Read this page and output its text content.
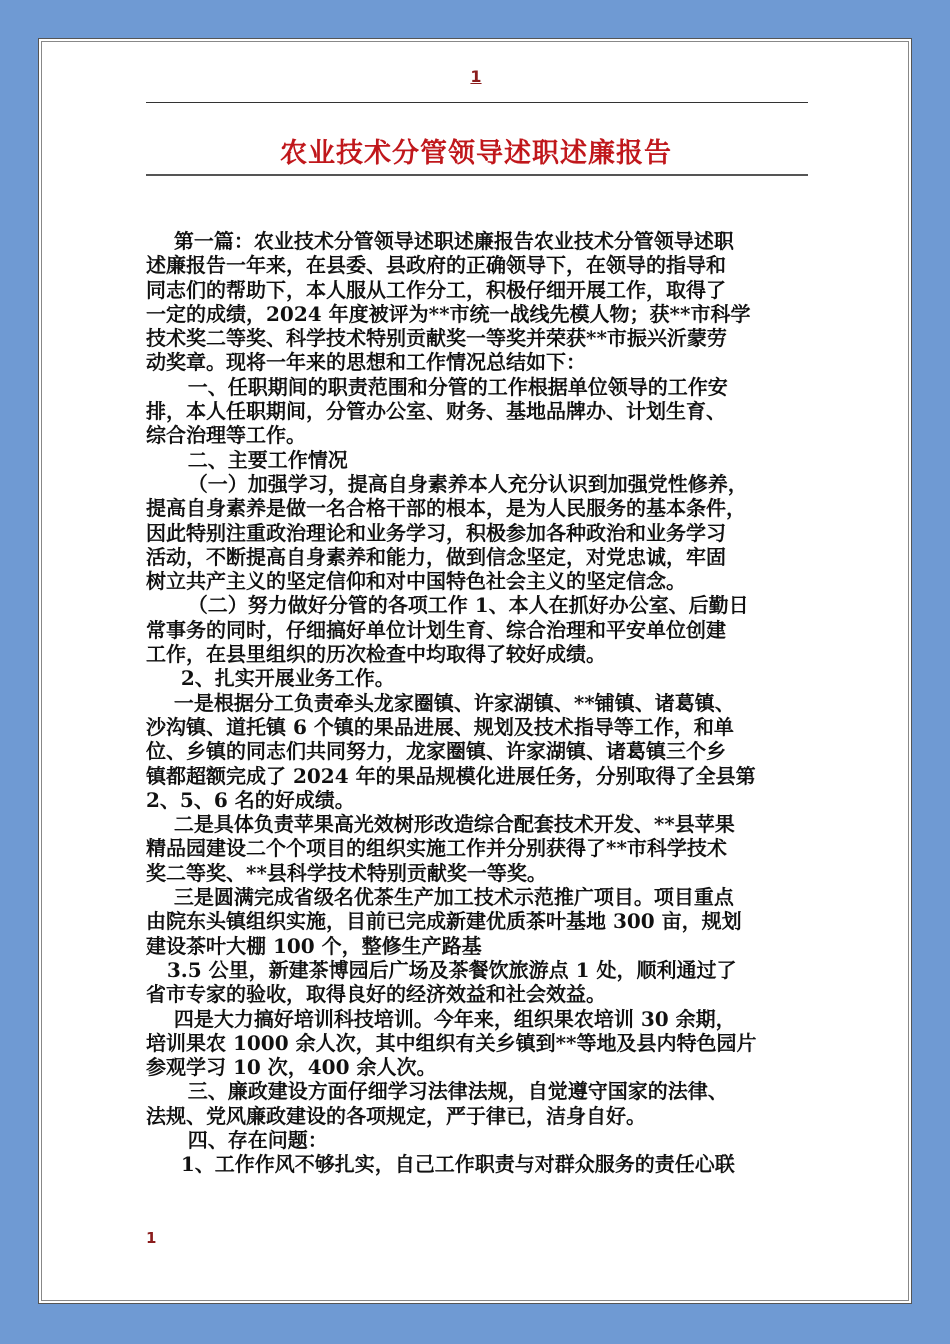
1
农业技术分管领导述职述廉报告

第一篇：农业技术分管领导述职述廉报告农业技术分管领导述职

述廉报告一年来，在县委、县政府的正确领导下，在领导的指导和

同志们的帮助下，本人服从工作分工，积极仔细开展工作，取得了

一定的成绩，2024 年度被评为**市统一战线先模人物；获**市科学

技术奖二等奖、科学技术特别贡献奖一等奖并荣获**市振兴沂蒙劳

动奖章。现将一年来的思想和工作情况总结如下：

一、任职期间的职责范围和分管的工作根据单位领导的工作安

排，本人任职期间，分管办公室、财务、基地品牌办、计划生育、

综合治理等工作。

二、主要工作情况

（一）加强学习，提高自身素养本人充分认识到加强党性修养，

提高自身素养是做一名合格干部的根本，是为人民服务的基本条件，

因此特别注重政治理论和业务学习，积极参加各种政治和业务学习

活动，不断提高自身素养和能力，做到信念坚定，对党忠诚，牢固

树立共产主义的坚定信仰和对中国特色社会主义的坚定信念。

（二）努力做好分管的各项工作 1、本人在抓好办公室、后勤日

常事务的同时，仔细搞好单位计划生育、综合治理和平安单位创建

工作，在县里组织的历次检查中均取得了较好成绩。

2、扎实开展业务工作。

一是根据分工负责牵头龙家圈镇、许家湖镇、**铺镇、诸葛镇、

沙沟镇、道托镇 6 个镇的果品进展、规划及技术指导等工作，和单

位、乡镇的同志们共同努力，龙家圈镇、许家湖镇、诸葛镇三个乡

镇都超额完成了 2024 年的果品规模化进展任务，分别取得了全县第

2、5、6 名的好成绩。

二是具体负责苹果高光效树形改造综合配套技术开发、**县苹果

精品园建设二个个项目的组织实施工作并分别获得了**市科学技术

奖二等奖、**县科学技术特别贡献奖一等奖。

三是圆满完成省级名优茶生产加工技术示范推广项目。项目重点

由院东头镇组织实施，目前已完成新建优质茶叶基地 300 亩，规划

建设茶叶大棚 100 个，整修生产路基

3.5 公里，新建茶博园后广场及茶餐饮旅游点 1 处，顺利通过了

省市专家的验收，取得良好的经济效益和社会效益。

四是大力搞好培训科技培训。今年来，组织果农培训 30 余期，

培训果农 1000 余人次，其中组织有关乡镇到**等地及县内特色园片

参观学习 10 次，400 余人次。

三、廉政建设方面仔细学习法律法规，自觉遵守国家的法律、

法规、党风廉政建设的各项规定，严于律已，洁身自好。

四、存在问题：

1、工作作风不够扎实，自己工作职责与对群众服务的责任心联

1
